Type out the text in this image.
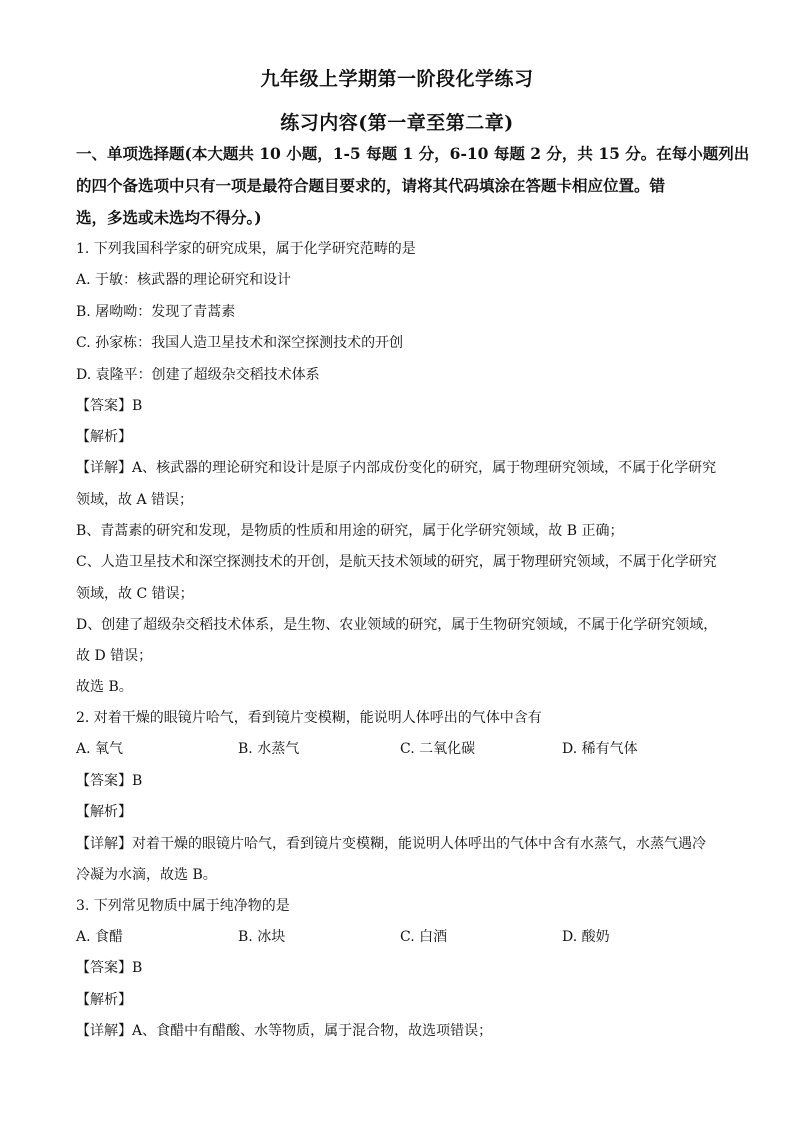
九年级上学期第一阶段化学练习
练习内容(第一章至第二章)
一、单项选择题(本大题共 10 小题，1-5 每题 1 分，6-10 每题 2 分，共 15 分。在每小题列出
的四个备选项中只有一项是最符合题目要求的，请将其代码填涂在答题卡相应位置。错
选，多选或未选均不得分。)
1. 下列我国科学家的研究成果，属于化学研究范畴的是
A. 于敏：核武器的理论研究和设计
B. 屠呦呦：发现了青蒿素
C. 孙家栋：我国人造卫星技术和深空探测技术的开创
D. 袁隆平：创建了超级杂交稻技术体系
【答案】B
【解析】
【详解】A、核武器的理论研究和设计是原子内部成份变化的研究，属于物理研究领域，不属于化学研究
领域，故 A 错误；
B、青蒿素的研究和发现，是物质的性质和用途的研究，属于化学研究领域，故 B 正确；
C、人造卫星技术和深空探测技术的开创，是航天技术领域的研究，属于物理研究领域，不属于化学研究
领域，故 C 错误；
D、创建了超级杂交稻技术体系，是生物、农业领域的研究，属于生物研究领域，不属于化学研究领域，
故 D 错误；
故选 B。
2. 对着干燥的眼镜片哈气，看到镜片变模糊，能说明人体呼出的气体中含有
A. 氧气	B. 水蒸气	C. 二氧化碳	D. 稀有气体
【答案】B
【解析】
【详解】对着干燥的眼镜片哈气，看到镜片变模糊，能说明人体呼出的气体中含有水蒸气，水蒸气遇冷
冷凝为水滴，故选 B。
3. 下列常见物质中属于纯净物的是
A. 食醋	B. 冰块	C. 白酒	D. 酸奶
【答案】B
【解析】
【详解】A、食醋中有醋酸、水等物质，属于混合物，故选项错误；
